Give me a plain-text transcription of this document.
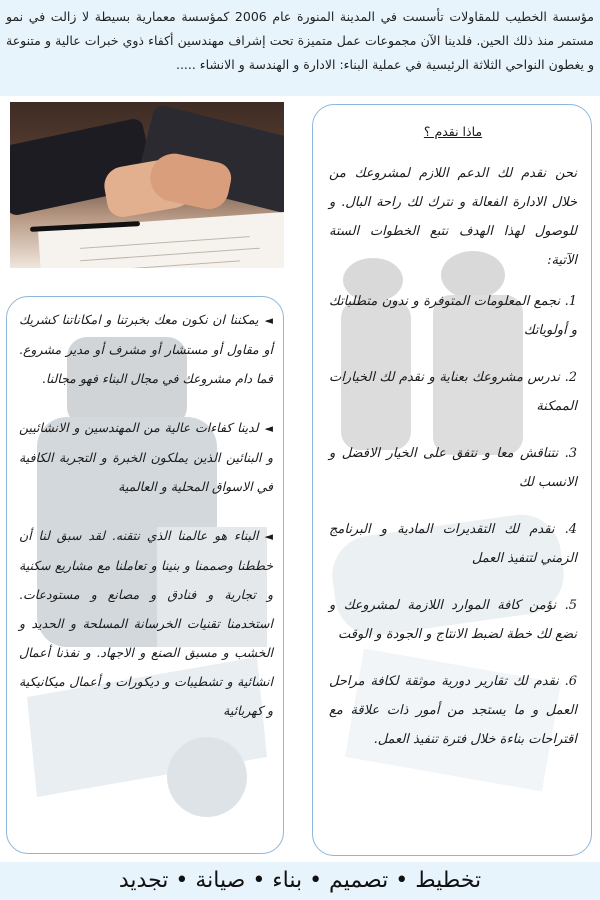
مؤسسة الخطيب للمقاولات تأسست في المدينة المنورة عام 2006 كمؤسسة معمارية بسيطة لا زالت في نمو مستمر منذ ذلك الحين. فلدينا الآن مجموعات عمل متميزة تحت إشراف مهندسين أكفاء ذوي خبرات عالية و متنوعة و يغطون النواحي الثلاثة الرئيسية في عملية البناء: الادارة و الهندسة و الانشاء .....

◄يمكننا ان نكون معك بخبرتنا و امكاناتنا كشريك أو مقاول أو مستشار أو مشرف أو مدير مشروع. فما دام مشروعك في مجال البناء فهو مجالنا.

◄لدينا كفاءات عالية من المهندسين و الانشائيين و البنائين الذين يملكون الخبرة و التجربة الكافية في الاسواق المحلية و العالمية

◄البناء هو عالمنا الذي نتقنه. لقد سبق لنا أن خططنا وصممنا و بنينا و تعاملنا مع مشاريع سكنية و تجارية و فنادق و مصانع و مستودعات. استخدمنا تقنيات الخرسانة المسلحة و الحديد و الخشب و مسبق الصنع و الاجهاد. و نفذنا أعمال انشائية و تشطيبات و ديكورات و أعمال ميكانيكية و كهربائية

ماذا نقدم ؟

نحن نقدم لك الدعم اللازم لمشروعك من خلال الادارة الفعالة و نترك لك راحة البال. و للوصول لهذا الهدف نتبع الخطوات الستة الآتية:

1. نجمع المعلومات المتوفرة و ندون متطلباتك و أولوياتك

2. ندرس مشروعك بعناية و نقدم لك الخيارات الممكنة

3. نتناقش معا و نتفق على الخيار الافضل و الانسب لك

4. نقدم لك التقديرات المادية و البرنامج الزمني لتنفيذ العمل

5. نؤمن كافة الموارد اللازمة لمشروعك و نضع لك خطة لضبط الانتاج و الجودة و الوقت

6. نقدم لك تقارير دورية موثقة لكافة مراحل العمل و ما يستجد من أمور ذات علاقة مع اقتراحات بناءة خلال فترة تنفيذ العمل.

تخطيط • تصميم • بناء • صيانة • تجديد
